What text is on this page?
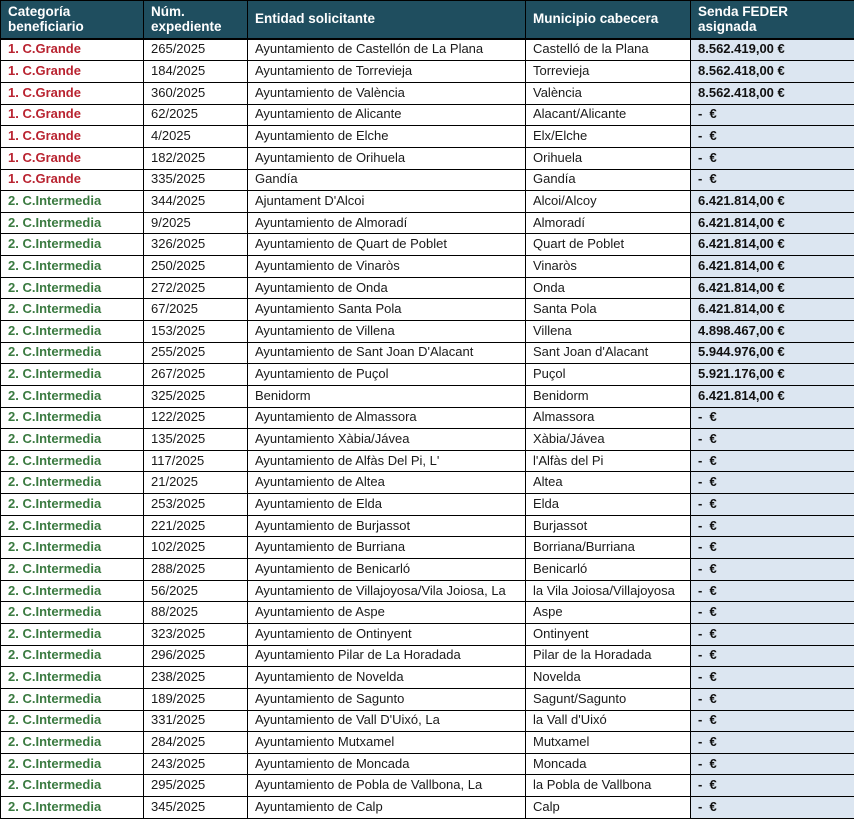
Categoría beneficiario	Núm. expediente	Entidad solicitante	Municipio cabecera	Senda FEDER asignada
1. C.Grande	265/2025	Ayuntamiento de Castellón de La Plana	Castelló de la Plana	8.562.419,00 €
1. C.Grande	184/2025	Ayuntamiento de Torrevieja	Torrevieja	8.562.418,00 €
1. C.Grande	360/2025	Ayuntamiento de València	València	8.562.418,00 €
1. C.Grande	62/2025	Ayuntamiento de Alicante	Alacant/Alicante	-  €
1. C.Grande	4/2025	Ayuntamiento de Elche	Elx/Elche	-  €
1. C.Grande	182/2025	Ayuntamiento de Orihuela	Orihuela	-  €
1. C.Grande	335/2025	Gandía	Gandía	-  €
2. C.Intermedia	344/2025	Ajuntament D'Alcoi	Alcoi/Alcoy	6.421.814,00 €
2. C.Intermedia	9/2025	Ayuntamiento de Almoradí	Almoradí	6.421.814,00 €
2. C.Intermedia	326/2025	Ayuntamiento de Quart de Poblet	Quart de Poblet	6.421.814,00 €
2. C.Intermedia	250/2025	Ayuntamiento de Vinaròs	Vinaròs	6.421.814,00 €
2. C.Intermedia	272/2025	Ayuntamiento de Onda	Onda	6.421.814,00 €
2. C.Intermedia	67/2025	Ayuntamiento Santa Pola	Santa Pola	6.421.814,00 €
2. C.Intermedia	153/2025	Ayuntamiento de Villena	Villena	4.898.467,00 €
2. C.Intermedia	255/2025	Ayuntamiento de Sant Joan D'Alacant	Sant Joan d'Alacant	5.944.976,00 €
2. C.Intermedia	267/2025	Ayuntamiento de Puçol	Puçol	5.921.176,00 €
2. C.Intermedia	325/2025	Benidorm	Benidorm	6.421.814,00 €
2. C.Intermedia	122/2025	Ayuntamiento de Almassora	Almassora	-  €
2. C.Intermedia	135/2025	Ayuntamiento Xàbia/Jávea	Xàbia/Jávea	-  €
2. C.Intermedia	117/2025	Ayuntamiento de Alfàs Del Pi, L'	l'Alfàs del Pi	-  €
2. C.Intermedia	21/2025	Ayuntamiento de Altea	Altea	-  €
2. C.Intermedia	253/2025	Ayuntamiento de Elda	Elda	-  €
2. C.Intermedia	221/2025	Ayuntamiento de Burjassot	Burjassot	-  €
2. C.Intermedia	102/2025	Ayuntamiento de Burriana	Borriana/Burriana	-  €
2. C.Intermedia	288/2025	Ayuntamiento de Benicarló	Benicarló	-  €
2. C.Intermedia	56/2025	Ayuntamiento de Villajoyosa/Vila Joiosa, La	la Vila Joiosa/Villajoyosa	-  €
2. C.Intermedia	88/2025	Ayuntamiento de Aspe	Aspe	-  €
2. C.Intermedia	323/2025	Ayuntamiento de Ontinyent	Ontinyent	-  €
2. C.Intermedia	296/2025	Ayuntamiento Pilar de La Horadada	Pilar de la Horadada	-  €
2. C.Intermedia	238/2025	Ayuntamiento de Novelda	Novelda	-  €
2. C.Intermedia	189/2025	Ayuntamiento de Sagunto	Sagunt/Sagunto	-  €
2. C.Intermedia	331/2025	Ayuntamiento de Vall D'Uixó, La	la Vall d'Uixó	-  €
2. C.Intermedia	284/2025	Ayuntamiento Mutxamel	Mutxamel	-  €
2. C.Intermedia	243/2025	Ayuntamiento de Moncada	Moncada	-  €
2. C.Intermedia	295/2025	Ayuntamiento de Pobla de Vallbona, La	la Pobla de Vallbona	-  €
2. C.Intermedia	345/2025	Ayuntamiento de Calp	Calp	-  €
